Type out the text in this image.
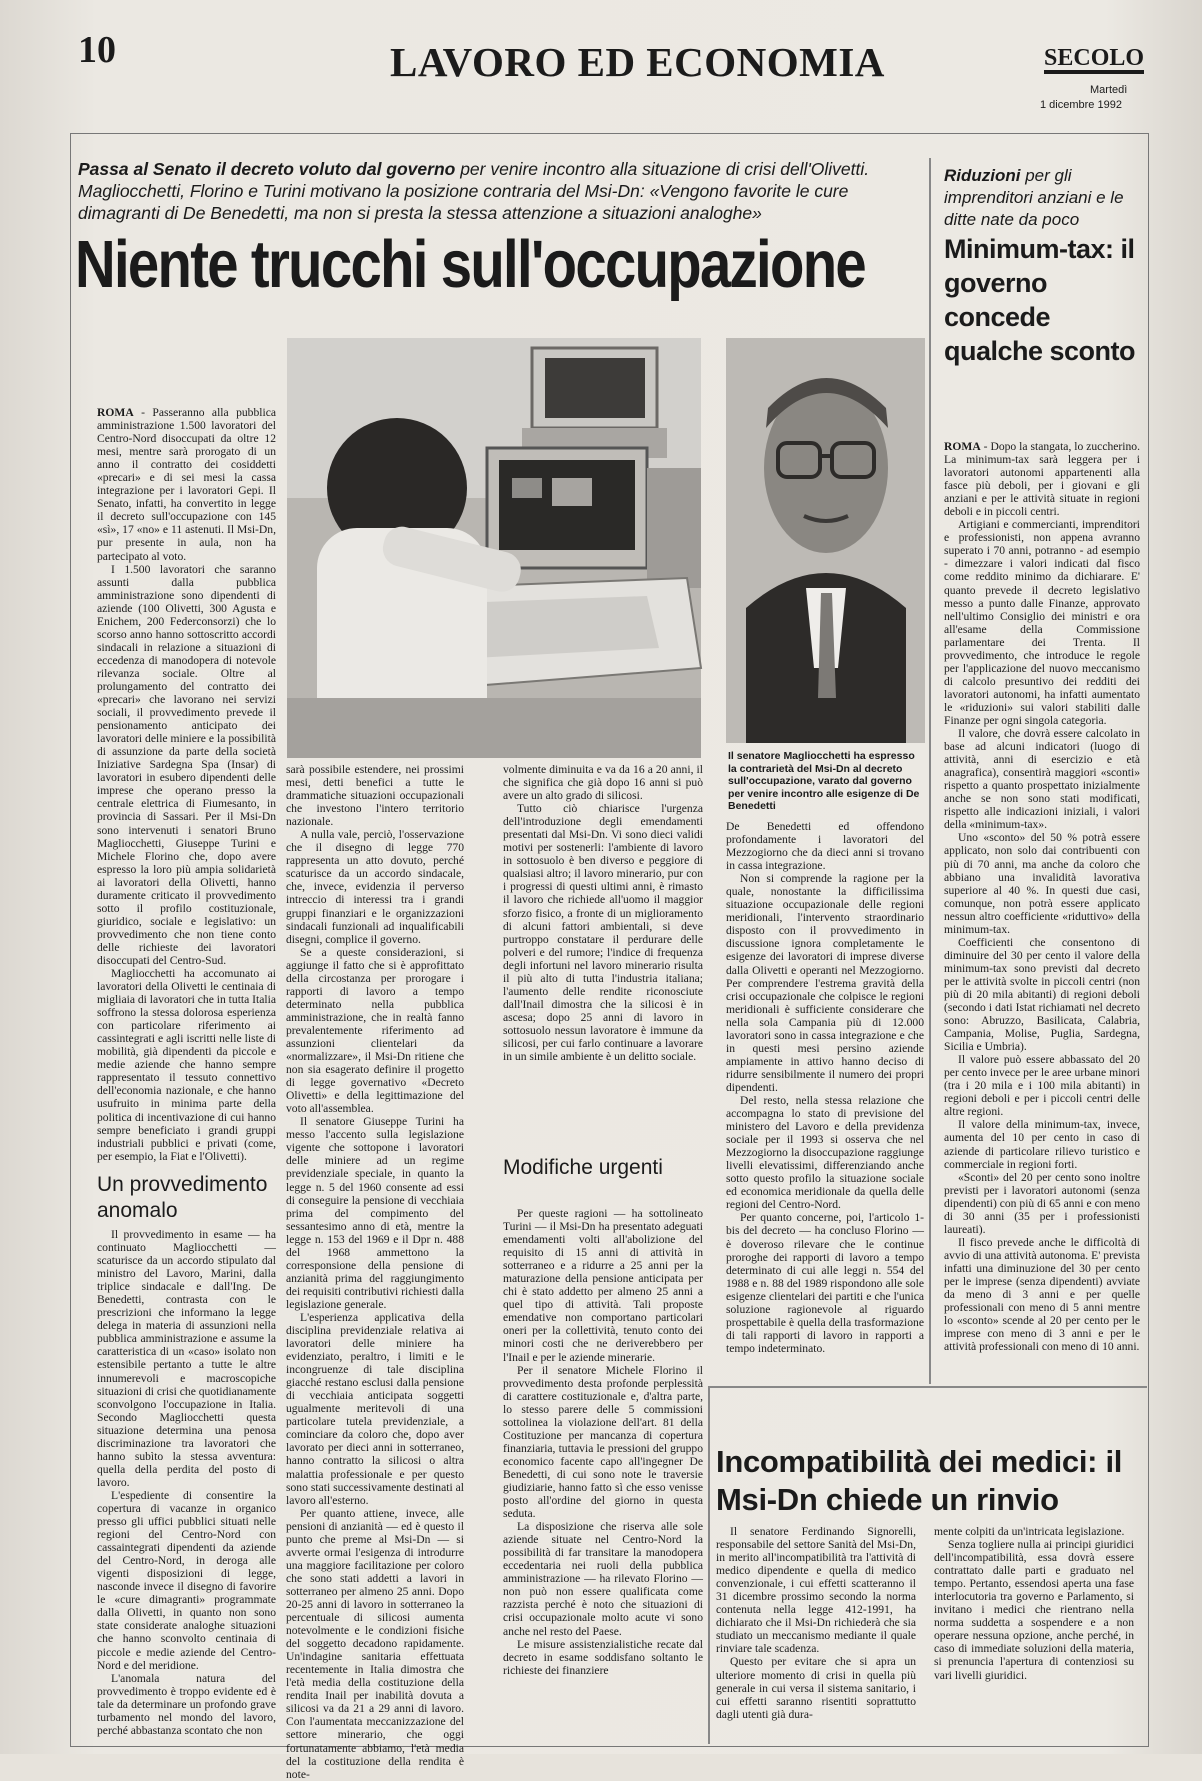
10	LAVORO ED ECONOMIA	SECOLO
Martedì
1 dicembre 1992
Passa al Senato il decreto voluto dal governo per venire incontro alla situazione di crisi dell'Olivetti. Magliocchetti, Florino e Turini motivano la posizione contraria del Msi-Dn: «Vengono favorite le cure dimagranti di De Benedetti, ma non si presta la stessa attenzione a situazioni analoghe»
Niente trucchi sull'occupazione
Riduzioni per gli imprenditori anziani e le ditte nate da poco
Minimum-tax: il governo concede qualche sconto
Il senatore Magliocchetti ha espresso la contrarietà del Msi-Dn al decreto sull'occupazione, varato dal governo per venire incontro alle esigenze di De Benedetti

ROMA - Passeranno alla pubblica amministrazione 1.500 lavoratori del Centro-Nord disoccupati da oltre 12 mesi, mentre sarà prorogato di un anno il contratto dei cosiddetti «precari» e di sei mesi la cassa integrazione per i lavoratori Gepi. Il Senato, infatti, ha convertito in legge il decreto sull'occupazione con 145 «sì», 17 «no» e 11 astenuti. Il Msi-Dn, pur presente in aula, non ha partecipato al voto.

I 1.500 lavoratori che saranno assunti dalla pubblica amministrazione sono dipendenti di aziende (100 Olivetti, 300 Agusta e Enichem, 200 Federconsorzi) che lo scorso anno hanno sottoscritto accordi sindacali in relazione a situazioni di eccedenza di manodopera di notevole rilevanza sociale. Oltre al prolungamento del contratto dei «precari» che lavorano nei servizi sociali, il provvedimento prevede il pensionamento anticipato dei lavoratori delle miniere e la possibilità di assunzione da parte della società Iniziative Sardegna Spa (Insar) di lavoratori in esubero dipendenti delle imprese che operano presso la centrale elettrica di Fiumesanto, in provincia di Sassari. Per il Msi-Dn sono intervenuti i senatori Bruno Magliocchetti, Giuseppe Turini e Michele Florino che, dopo avere espresso la loro più ampia solidarietà ai lavoratori della Olivetti, hanno duramente criticato il provvedimento sotto il profilo costituzionale, giuridico, sociale e legislativo: un provvedimento che non tiene conto delle richieste dei lavoratori disoccupati del Centro-Sud.

Magliocchetti ha accomunato ai lavoratori della Olivetti le centinaia di migliaia di lavoratori che in tutta Italia soffrono la stessa dolorosa esperienza con particolare riferimento ai cassintegrati e agli iscritti nelle liste di mobilità, già dipendenti da piccole e medie aziende che hanno sempre rappresentato il tessuto connettivo dell'economia nazionale, e che hanno usufruito in minima parte della politica di incentivazione di cui hanno sempre beneficiato i grandi gruppi industriali pubblici e privati (come, per esempio, la Fiat e l'Olivetti).

Un provvedimento anomalo

Il provvedimento in esame — ha continuato Magliocchetti — scaturisce da un accordo stipulato dal ministro del Lavoro, Marini, dalla triplice sindacale e dall'Ing. De Benedetti, contrasta con le prescrizioni che informano la legge delega in materia di assunzioni nella pubblica amministrazione e assume la caratteristica di un «caso» isolato non estensibile pertanto a tutte le altre innumerevoli e macroscopiche situazioni di crisi che quotidianamente sconvolgono l'occupazione in Italia. Secondo Magliocchetti questa situazione determina una penosa discriminazione tra lavoratori che hanno subìto la stessa avventura: quella della perdita del posto di lavoro.

L'espediente di consentire la copertura di vacanze in organico presso gli uffici pubblici situati nelle regioni del Centro-Nord con cassaintegrati dipendenti da aziende del Centro-Nord, in deroga alle vigenti disposizioni di legge, nasconde invece il disegno di favorire le «cure dimagranti» programmate dalla Olivetti, in quanto non sono state considerate analoghe situazioni che hanno sconvolto centinaia di piccole e medie aziende del Centro-Nord e del meridione.

L'anomala natura del provvedimento è troppo evidente ed è tale da determinare un profondo grave turbamento nel mondo del lavoro, perché abbastanza scontato che non

sarà possibile estendere, nei prossimi mesi, detti benefici a tutte le drammatiche situazioni occupazionali che investono l'intero territorio nazionale.

A nulla vale, perciò, l'osservazione che il disegno di legge 770 rappresenta un atto dovuto, perché scaturisce da un accordo sindacale, che, invece, evidenzia il perverso intreccio di interessi tra i grandi gruppi finanziari e le organizzazioni sindacali funzionali ad inqualificabili disegni, complice il governo.

Se a queste considerazioni, si aggiunge il fatto che si è approfittato della circostanza per prorogare i rapporti di lavoro a tempo determinato nella pubblica amministrazione, che in realtà fanno prevalentemente riferimento ad assunzioni clientelari da «normalizzare», il Msi-Dn ritiene che non sia esagerato definire il progetto di legge governativo «Decreto Olivetti» e della legittimazione del voto all'assemblea.

Il senatore Giuseppe Turini ha messo l'accento sulla legislazione vigente che sottopone i lavoratori delle miniere ad un regime previdenziale speciale, in quanto la legge n. 5 del 1960 consente ad essi di conseguire la pensione di vecchiaia prima del compimento del sessantesimo anno di età, mentre la legge n. 153 del 1969 e il Dpr n. 488 del 1968 ammettono la corresponsione della pensione di anzianità prima del raggiungimento dei requisiti contributivi richiesti dalla legislazione generale.

L'esperienza applicativa della disciplina previdenziale relativa ai lavoratori delle miniere ha evidenziato, peraltro, i limiti e le incongruenze di tale disciplina giacché restano esclusi dalla pensione di vecchiaia anticipata soggetti ugualmente meritevoli di una particolare tutela previdenziale, a cominciare da coloro che, dopo aver lavorato per dieci anni in sotterraneo, hanno contratto la silicosi o altra malattia professionale e per questo sono stati successivamente destinati al lavoro all'esterno.

Per quanto attiene, invece, alle pensioni di anzianità — ed è questo il punto che preme al Msi-Dn — si avverte ormai l'esigenza di introdurre una maggiore facilitazione per coloro che sono stati addetti a lavori in sotterraneo per almeno 25 anni. Dopo 20-25 anni di lavoro in sotterraneo la percentuale di silicosi aumenta notevolmente e le condizioni fisiche del soggetto decadono rapidamente. Un'indagine sanitaria effettuata recentemente in Italia dimostra che l'età media della costituzione della rendita Inail per inabilità dovuta a silicosi va da 21 a 29 anni di lavoro. Con l'aumentata meccanizzazione del settore minerario, che oggi fortunatamente abbiamo, l'età media del la costituzione della rendita è note-

volmente diminuita e va da 16 a 20 anni, il che significa che già dopo 16 anni si può avere un alto grado di silicosi.

Tutto ciò chiarisce l'urgenza dell'introduzione degli emendamenti presentati dal Msi-Dn. Vi sono dieci validi motivi per sostenerli: l'ambiente di lavoro in sottosuolo è ben diverso e peggiore di qualsiasi altro; il lavoro minerario, pur con i progressi di questi ultimi anni, è rimasto il lavoro che richiede all'uomo il maggior sforzo fisico, a fronte di un miglioramento di alcuni fattori ambientali, si deve purtroppo constatare il perdurare delle polveri e del rumore; l'indice di frequenza degli infortuni nel lavoro minerario risulta il più alto di tutta l'industria italiana; l'aumento delle rendite riconosciute dall'Inail dimostra che la silicosi è in ascesa; dopo 25 anni di lavoro in sottosuolo nessun lavoratore è immune da silicosi, per cui farlo continuare a lavorare in un simile ambiente è un delitto sociale.

Modifiche urgenti

Per queste ragioni — ha sottolineato Turini — il Msi-Dn ha presentato adeguati emendamenti volti all'abolizione del requisito di 15 anni di attività in sotterraneo e a ridurre a 25 anni per la maturazione della pensione anticipata per chi è stato addetto per almeno 25 anni a quel tipo di attività. Tali proposte emendative non comportano particolari oneri per la collettività, tenuto conto dei minori costi che ne deriverebbero per l'Inail e per le aziende minerarie.

Per il senatore Michele Florino il provvedimento desta profonde perplessità di carattere costituzionale e, d'altra parte, lo stesso parere delle 5 commissioni sottolinea la violazione dell'art. 81 della Costituzione per mancanza di copertura finanziaria, tuttavia le pressioni del gruppo economico facente capo all'ingegner De Benedetti, di cui sono note le traversie giudiziarie, hanno fatto sì che esso venisse posto all'ordine del giorno in questa seduta.

La disposizione che riserva alle sole aziende situate nel Centro-Nord la possibilità di far transitare la manodopera eccedentaria nei ruoli della pubblica amministrazione — ha rilevato Florino — non può non essere qualificata come razzista perché è noto che situazioni di crisi occupazionale molto acute vi sono anche nel resto del Paese.

Le misure assistenzialistiche recate dal decreto in esame soddisfano soltanto le richieste dei finanziere

De Benedetti ed offendono profondamente i lavoratori del Mezzogiorno che da dieci anni si trovano in cassa integrazione.

Non si comprende la ragione per la quale, nonostante la difficilissima situazione occupazionale delle regioni meridionali, l'intervento straordinario disposto con il provvedimento in discussione ignora completamente le esigenze dei lavoratori di imprese diverse dalla Olivetti e operanti nel Mezzogiorno. Per comprendere l'estrema gravità della crisi occupazionale che colpisce le regioni meridionali è sufficiente considerare che nella sola Campania più di 12.000 lavoratori sono in cassa integrazione e che in questi mesi persino aziende ampiamente in attivo hanno deciso di ridurre sensibilmente il numero dei propri dipendenti.

Del resto, nella stessa relazione che accompagna lo stato di previsione del ministero del Lavoro e della previdenza sociale per il 1993 si osserva che nel Mezzogiorno la disoccupazione raggiunge livelli elevatissimi, differenziando anche sotto questo profilo la situazione sociale ed economica meridionale da quella delle regioni del Centro-Nord.

Per quanto concerne, poi, l'articolo 1-bis del decreto — ha concluso Florino — è doveroso rilevare che le continue proroghe dei rapporti di lavoro a tempo determinato di cui alle leggi n. 554 del 1988 e n. 88 del 1989 rispondono alle sole esigenze clientelari dei partiti e che l'unica soluzione ragionevole al riguardo prospettabile è quella della trasformazione di tali rapporti di lavoro in rapporti a tempo indeterminato.

ROMA - Dopo la stangata, lo zuccherino. La minimum-tax sarà leggera per i lavoratori autonomi appartenenti alla fasce più deboli, per i giovani e gli anziani e per le attività situate in regioni deboli e in piccoli centri.

Artigiani e commercianti, imprenditori e professionisti, non appena avranno superato i 70 anni, potranno - ad esempio - dimezzare i valori indicati dal fisco come reddito minimo da dichiarare. E' quanto prevede il decreto legislativo messo a punto dalle Finanze, approvato nell'ultimo Consiglio dei ministri e ora all'esame della Commissione parlamentare dei Trenta. Il provvedimento, che introduce le regole per l'applicazione del nuovo meccanismo di calcolo presuntivo dei redditi dei lavoratori autonomi, ha infatti aumentato le «riduzioni» sui valori stabiliti dalle Finanze per ogni singola categoria.

Il valore, che dovrà essere calcolato in base ad alcuni indicatori (luogo di attività, anni di esercizio e età anagrafica), consentirà maggiori «sconti» rispetto a quanto prospettato inizialmente anche se non sono stati modificati, rispetto alle indicazioni iniziali, i valori della «minimum-tax».

Uno «sconto» del 50 % potrà essere applicato, non solo dai contribuenti con più di 70 anni, ma anche da coloro che abbiano una invalidità lavorativa superiore al 40 %. In questi due casi, comunque, non potrà essere applicato nessun altro coefficiente «riduttivo» della minimum-tax.

Coefficienti che consentono di diminuire del 30 per cento il valore della minimum-tax sono previsti dal decreto per le attività svolte in piccoli centri (non più di 20 mila abitanti) di regioni deboli (secondo i dati Istat richiamati nel decreto sono: Abruzzo, Basilicata, Calabria, Campania, Molise, Puglia, Sardegna, Sicilia e Umbria).

Il valore può essere abbassato del 20 per cento invece per le aree urbane minori (tra i 20 mila e i 100 mila abitanti) in regioni deboli e per i piccoli centri delle altre regioni.

Il valore della minimum-tax, invece, aumenta del 10 per cento in caso di aziende di particolare rilievo turistico e commerciale in regioni forti.

«Sconti» del 20 per cento sono inoltre previsti per i lavoratori autonomi (senza dipendenti) con più di 65 anni e con meno di 30 anni (35 per i professionisti laureati).

Il fisco prevede anche le difficoltà di avvio di una attività autonoma. E' prevista infatti una diminuzione del 30 per cento per le imprese (senza dipendenti) avviate da meno di 3 anni e per quelle professionali con meno di 5 anni mentre lo «sconto» scende al 20 per cento per le imprese con meno di 3 anni e per le attività professionali con meno di 10 anni.

Incompatibilità dei medici: il Msi-Dn chiede un rinvio

Il senatore Ferdinando Signorelli, responsabile del settore Sanità del Msi-Dn, in merito all'incompatibilità tra l'attività di medico dipendente e quella di medico convenzionale, i cui effetti scatteranno il 31 dicembre prossimo secondo la norma contenuta nella legge 412-1991, ha dichiarato che il Msi-Dn richiederà che sia studiato un meccanismo mediante il quale rinviare tale scadenza.

Questo per evitare che si apra un ulteriore momento di crisi in quella più generale in cui versa il sistema sanitario, i cui effetti saranno risentiti soprattutto dagli utenti già dura-

mente colpiti da un'intricata legislazione.

Senza togliere nulla ai principi giuridici dell'incompatibilità, essa dovrà essere contrattato dalle parti e graduato nel tempo. Pertanto, essendosi aperta una fase interlocutoria tra governo e Parlamento, si invitano i medici che rientrano nella norma suddetta a sospendere e a non operare nessuna opzione, anche perché, in caso di immediate soluzioni della materia, si prenuncia l'apertura di contenziosi su vari livelli giuridici.
